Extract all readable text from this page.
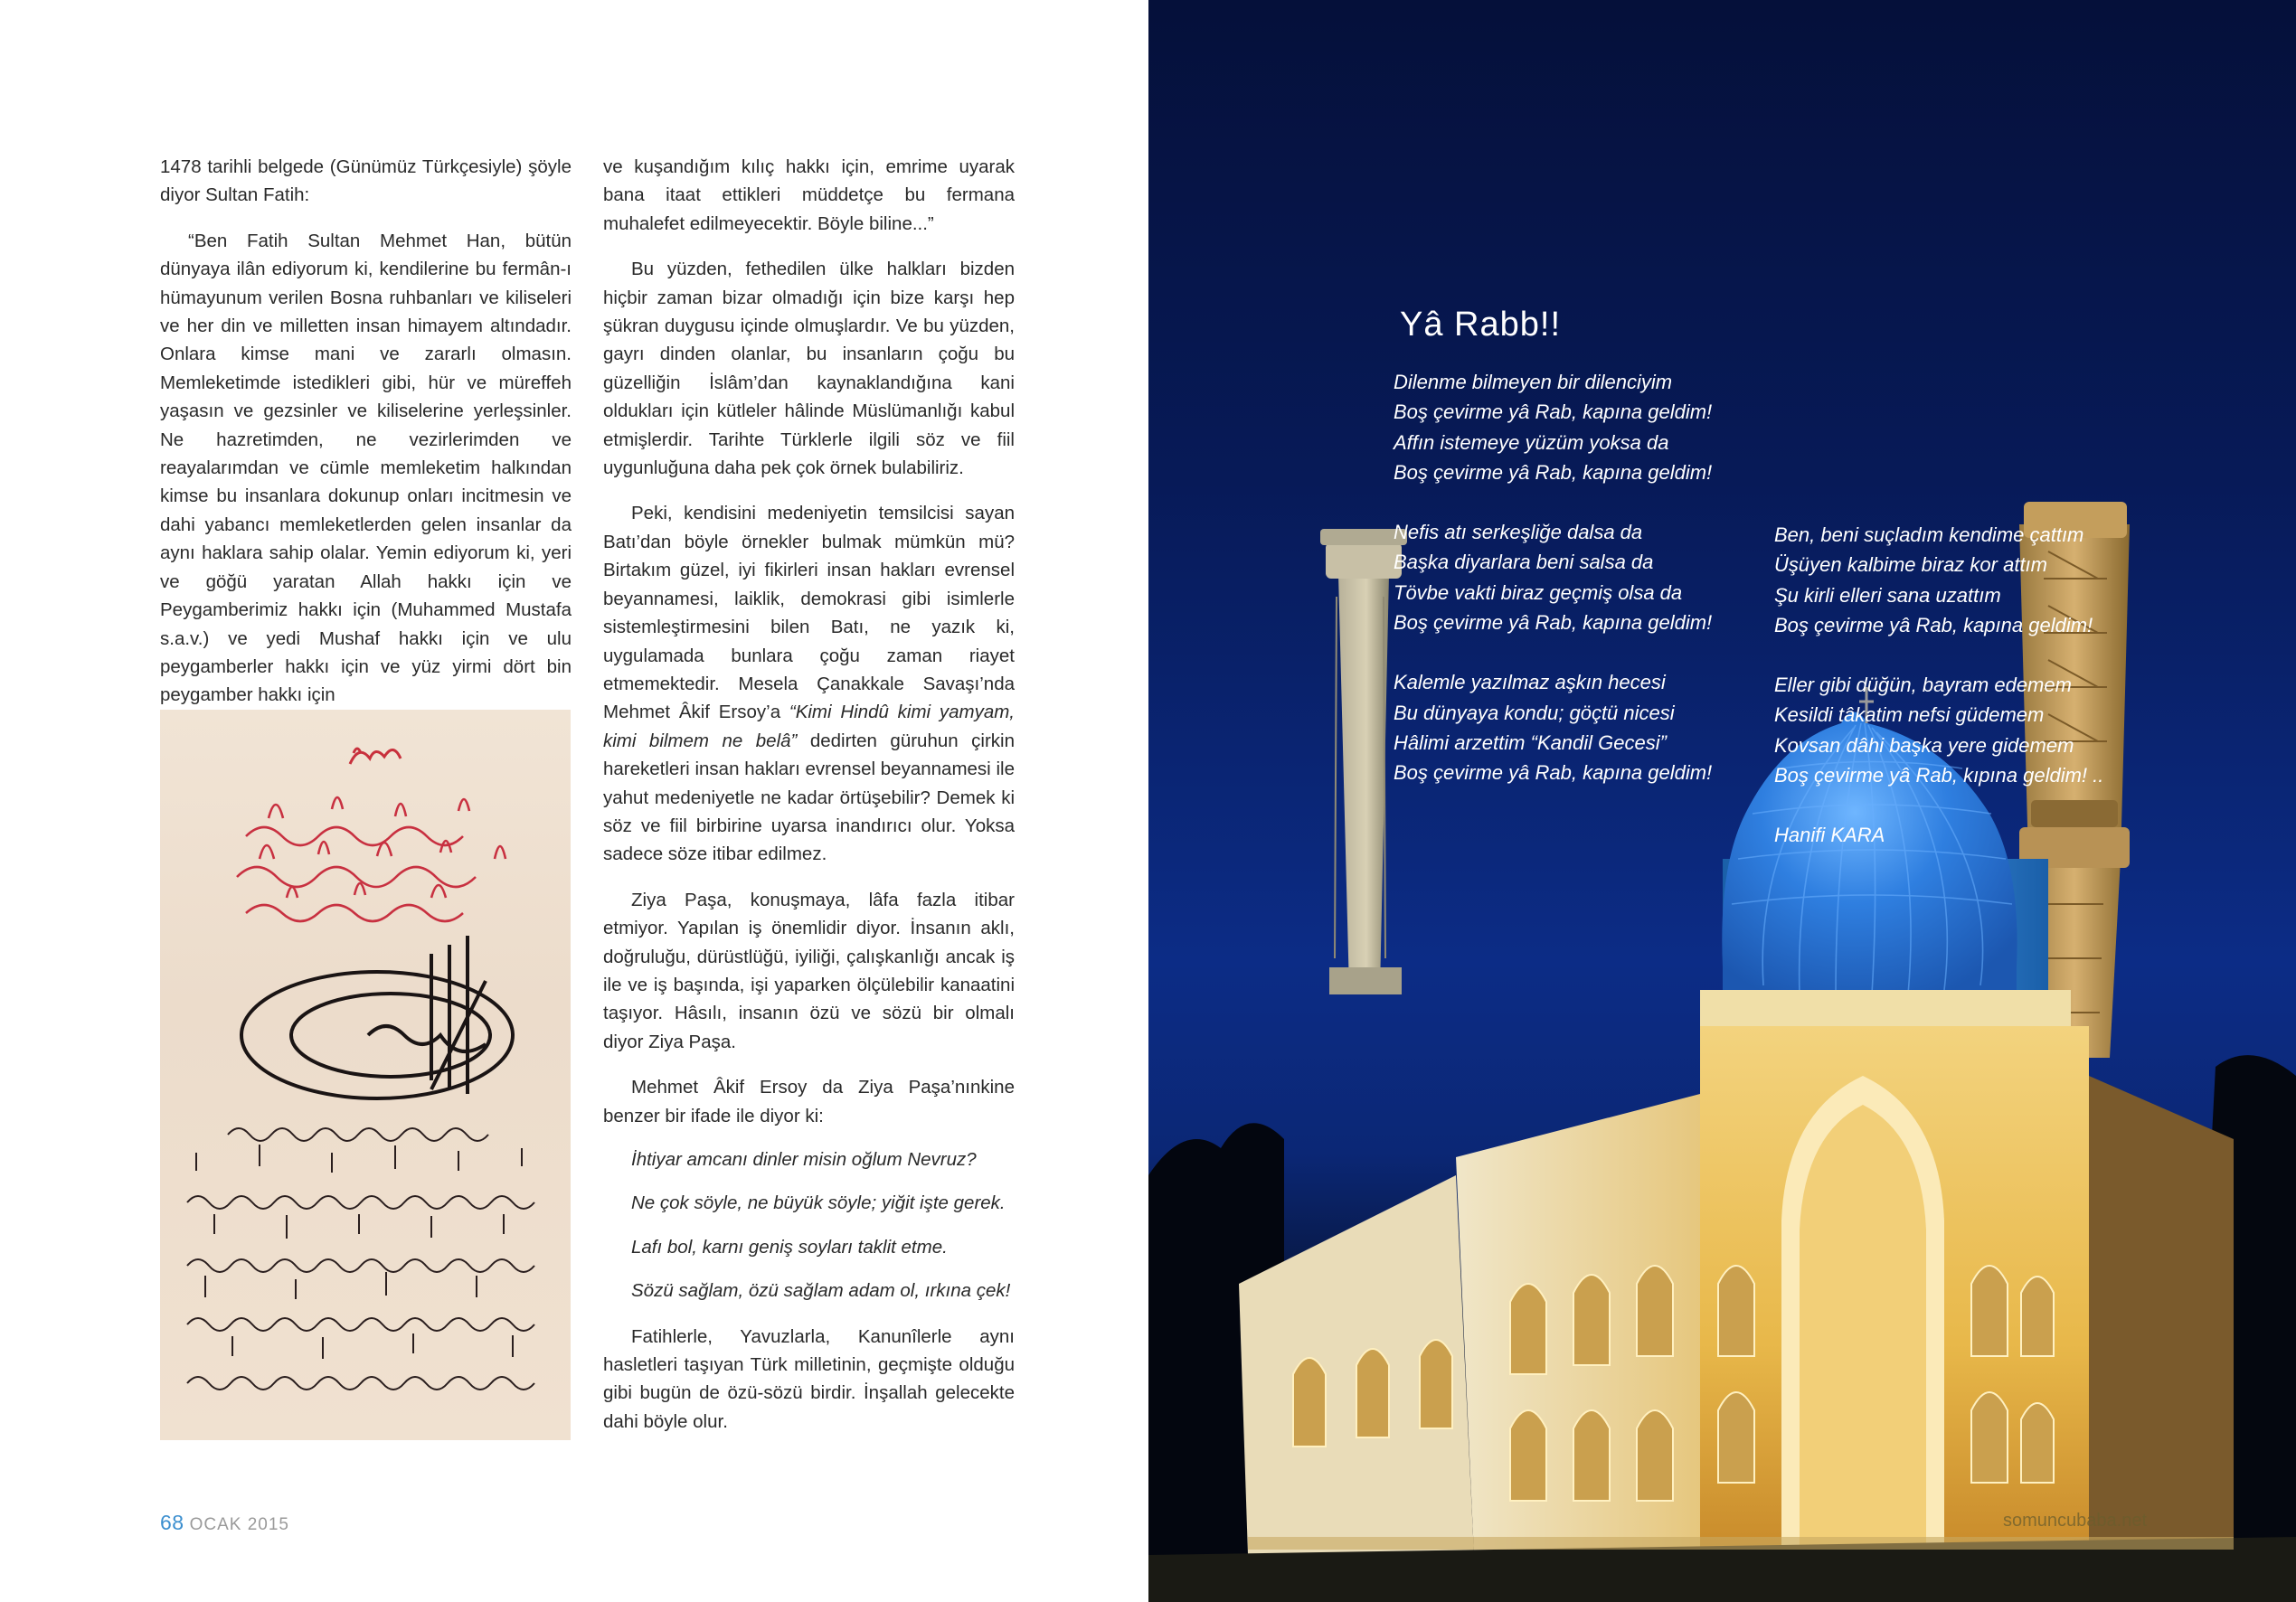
1478 tarihli belgede (Günümüz Türkçesiyle) şöyle diyor Sultan Fatih:

“Ben Fatih Sultan Mehmet Han, bütün dünyaya ilân ediyorum ki, kendilerine bu fermân-ı hümayunum verilen Bosna ruhbanları ve kiliseleri ve her din ve milletten insan himayem altındadır. Onlara kimse mani ve zararlı olmasın. Memleketimde istedikleri gibi, hür ve müreffeh yaşasın ve gezsinler ve kiliselerine yerleşsinler. Ne hazretimden, ne vezirlerimden ve reayalarımdan ve cümle memleketim halkından kimse bu insanlara dokunup onları incitmesin ve dahi yabancı memleketlerden gelen insanlar da aynı haklara sahip olalar. Yemin ediyorum ki, yeri ve göğü yaratan Allah hakkı için ve Peygamberimiz hakkı için (Muhammed Mustafa s.a.v.) ve yedi Mushaf hakkı için ve ulu peygamberler hakkı için ve yüz yirmi dört bin peygamber hakkı için

ve kuşandığım kılıç hakkı için, emrime uyarak bana itaat ettikleri müddetçe bu fermana muhalefet edilmeyecektir. Böyle biline...”

Bu yüzden, fethedilen ülke halkları bizden hiçbir zaman bizar olmadığı için bize karşı hep şükran duygusu içinde olmuşlardır. Ve bu yüzden, gayrı dinden olanlar, bu insanların çoğu bu güzelliğin İslâm’dan kaynaklandığına kani oldukları için kütleler hâlinde Müslümanlığı kabul etmişlerdir. Tarihte Türklerle ilgili söz ve fiil uygunluğuna daha pek çok örnek bulabiliriz.

Peki, kendisini medeniyetin temsilcisi sayan Batı’dan böyle örnekler bulmak mümkün mü? Birtakım güzel, iyi fikirleri insan hakları evrensel beyannamesi, laiklik, demokrasi gibi isimlerle sistemleştirmesini bilen Batı, ne yazık ki, uygulamada bunlara çoğu zaman riayet etmemektedir. Mesela Çanakkale Savaşı’nda Mehmet Âkif Ersoy’a “Kimi Hindû kimi yamyam, kimi bilmem ne belâ” dedirten güruhun çirkin hareketleri insan hakları evrensel beyannamesi ile yahut medeniyetle ne kadar örtüşebilir? Demek ki söz ve fiil birbirine uyarsa inandırıcı olur. Yoksa sadece söze itibar edilmez.

Ziya Paşa, konuşmaya, lâfa fazla itibar etmiyor. Yapılan iş önemlidir diyor. İnsanın aklı, doğruluğu, dürüstlüğü, iyiliği, çalışkanlığı ancak iş ile ve iş başında, işi yaparken ölçülebilir kanaatini taşıyor. Hâsılı, insanın özü ve sözü bir olmalı diyor Ziya Paşa.

Mehmet Âkif Ersoy da Ziya Paşa’nınkine benzer bir ifade ile diyor ki:

İhtiyar amcanı dinler misin oğlum Nevruz?

Ne çok söyle, ne büyük söyle; yiğit işte gerek.

Lafı bol, karnı geniş soyları taklit etme.

Sözü sağlam, özü sağlam adam ol, ırkına çek!

Fatihlerle, Yavuzlarla, Kanunîlerle aynı hasletleri taşıyan Türk milletinin, geçmişte olduğu gibi bugün de özü-sözü birdir. İnşallah gelecekte dahi böyle olur.

68 OCAK 2015
Yâ Rabb!!

Dilenme bilmeyen bir dilenciyim

Boş çevirme yâ Rab, kapına geldim!

Affın istemeye yüzüm yoksa da

Boş çevirme yâ Rab, kapına geldim!

Nefis atı serkeşliğe dalsa da

Başka diyarlara beni salsa da

Tövbe vakti biraz geçmiş olsa da

Boş çevirme yâ Rab, kapına geldim!

Kalemle yazılmaz aşkın hecesi

Bu dünyaya kondu; göçtü nicesi

Hâlimi arzettim “Kandil Gecesi”

Boş çevirme yâ Rab, kapına geldim!

Ben, beni suçladım kendime çattım

Üşüyen kalbime biraz kor attım

Şu kirli elleri sana uzattım

Boş çevirme yâ Rab, kapına geldim!

Eller gibi düğün, bayram edemem

Kesildi tâkatim nefsi güdemem

Kovsan dâhi başka yere gidemem

Boş çevirme yâ Rab, kıpına geldim! ..

Hanifi KARA

somuncubaba.net
